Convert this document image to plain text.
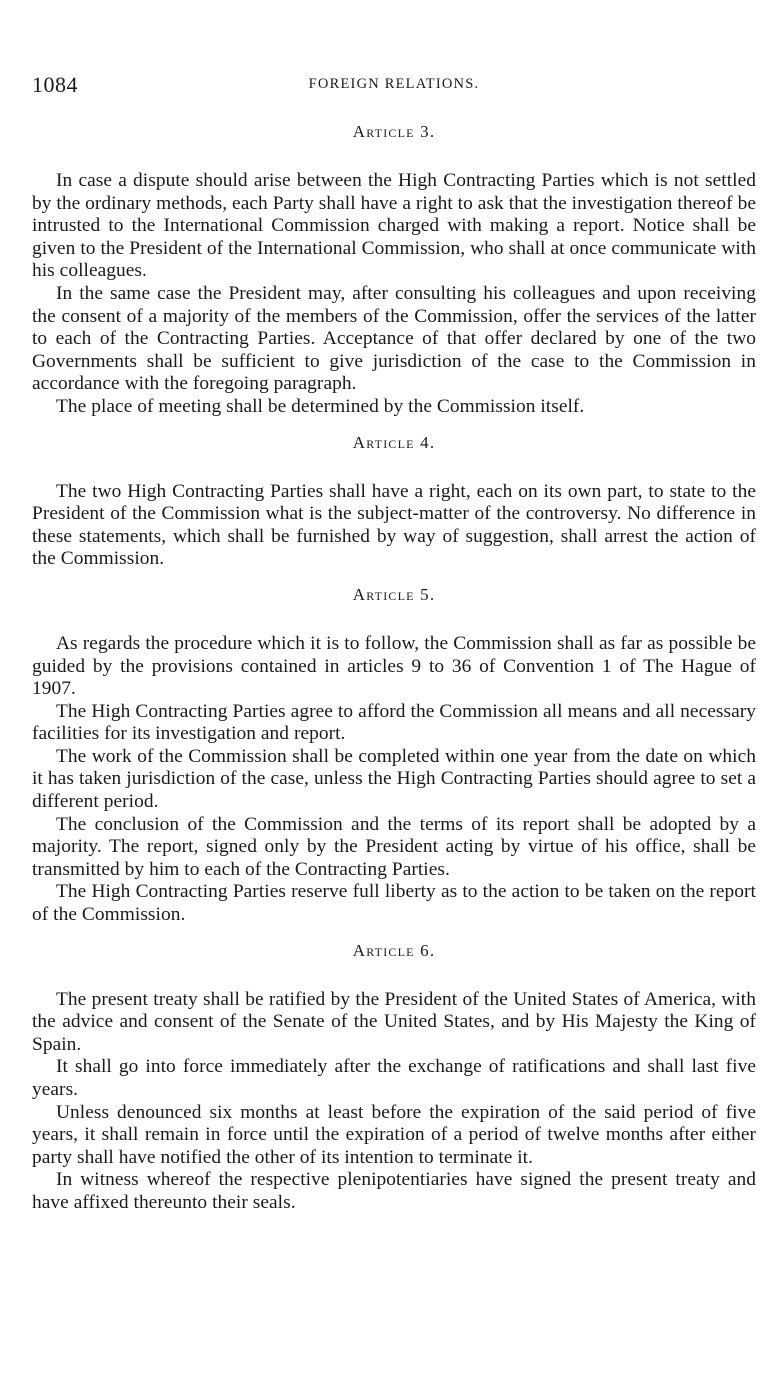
1084	FOREIGN RELATIONS.
Article 3.

In case a dispute should arise between the High Contracting Parties which is not settled by the ordinary methods, each Party shall have a right to ask that the investigation thereof be intrusted to the International Commission charged with making a report. Notice shall be given to the President of the International Commission, who shall at once communicate with his colleagues.

In the same case the President may, after consulting his colleagues and upon receiving the consent of a majority of the members of the Commission, offer the services of the latter to each of the Contracting Parties. Acceptance of that offer declared by one of the two Governments shall be sufficient to give jurisdiction of the case to the Commission in accordance with the foregoing paragraph.

The place of meeting shall be determined by the Commission itself.

Article 4.

The two High Contracting Parties shall have a right, each on its own part, to state to the President of the Commission what is the subject-matter of the controversy. No difference in these statements, which shall be furnished by way of suggestion, shall arrest the action of the Commission.

Article 5.

As regards the procedure which it is to follow, the Commission shall as far as possible be guided by the provisions contained in articles 9 to 36 of Convention 1 of The Hague of 1907.

The High Contracting Parties agree to afford the Commission all means and all necessary facilities for its investigation and report.

The work of the Commission shall be completed within one year from the date on which it has taken jurisdiction of the case, unless the High Contracting Parties should agree to set a different period.

The conclusion of the Commission and the terms of its report shall be adopted by a majority. The report, signed only by the President acting by virtue of his office, shall be transmitted by him to each of the Contracting Parties.

The High Contracting Parties reserve full liberty as to the action to be taken on the report of the Commission.

Article 6.

The present treaty shall be ratified by the President of the United States of America, with the advice and consent of the Senate of the United States, and by His Majesty the King of Spain.

It shall go into force immediately after the exchange of ratifications and shall last five years.

Unless denounced six months at least before the expiration of the said period of five years, it shall remain in force until the expiration of a period of twelve months after either party shall have notified the other of its intention to terminate it.

In witness whereof the respective plenipotentiaries have signed the present treaty and have affixed thereunto their seals.
